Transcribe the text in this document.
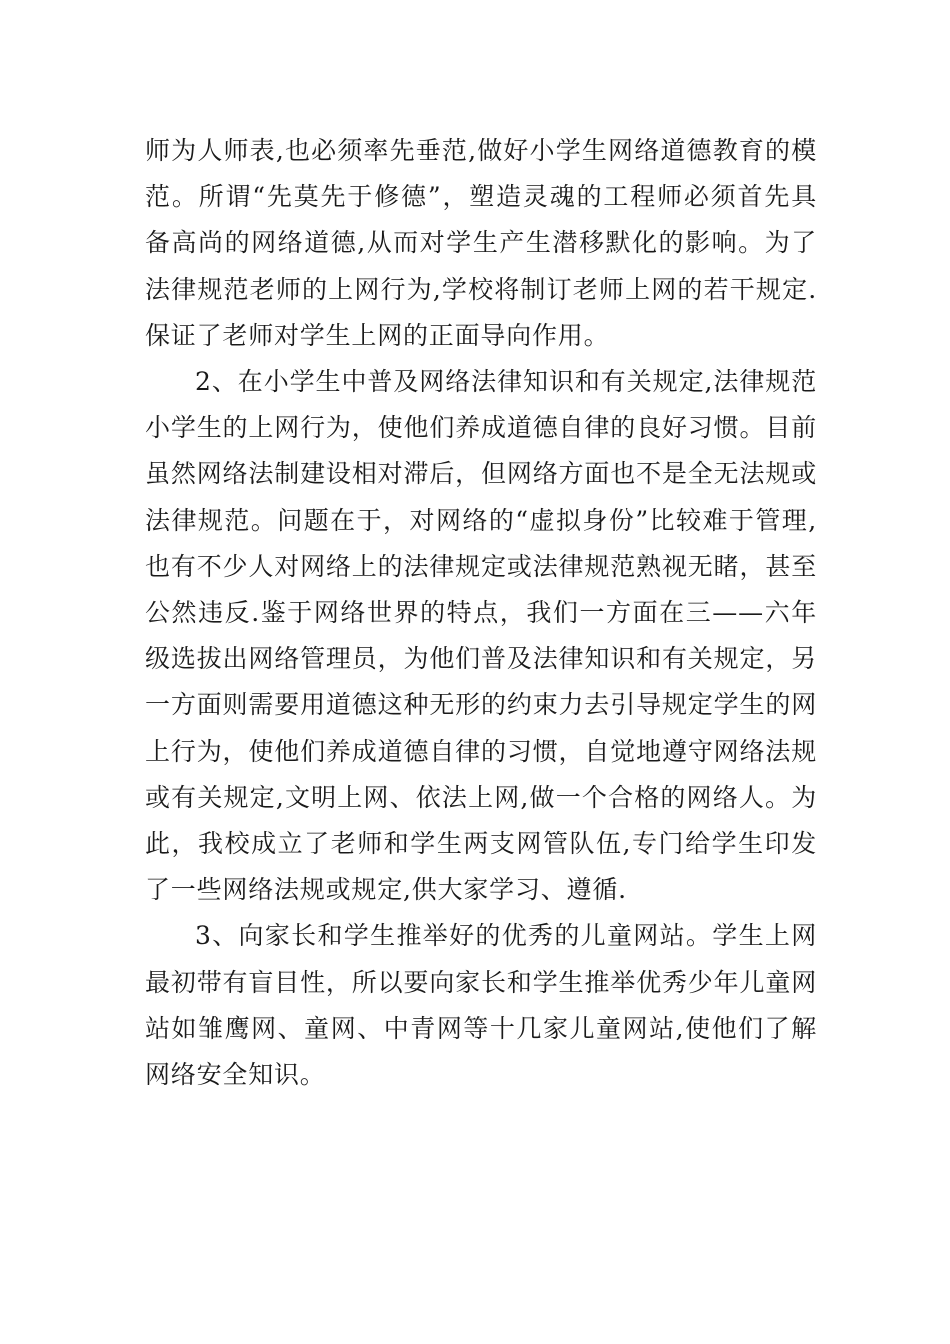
师为人师表,也必须率先垂范,做好小学生网络道德教育的模范。所谓“先莫先于修德”，塑造灵魂的工程师必须首先具备高尚的网络道德,从而对学生产生潜移默化的影响。为了法律规范老师的上网行为,学校将制订老师上网的若干规定.保证了老师对学生上网的正面导向作用。

2、在小学生中普及网络法律知识和有关规定,法律规范小学生的上网行为，使他们养成道德自律的良好习惯。目前虽然网络法制建设相对滞后，但网络方面也不是全无法规或法律规范。问题在于，对网络的“虚拟身份”比较难于管理,也有不少人对网络上的法律规定或法律规范熟视无睹，甚至公然违反.鉴于网络世界的特点，我们一方面在三——六年级选拔出网络管理员，为他们普及法律知识和有关规定，另一方面则需要用道德这种无形的约束力去引导规定学生的网上行为，使他们养成道德自律的习惯，自觉地遵守网络法规或有关规定,文明上网、依法上网,做一个合格的网络人。为此，我校成立了老师和学生两支网管队伍,专门给学生印发了一些网络法规或规定,供大家学习、遵循.

3、向家长和学生推举好的优秀的儿童网站。学生上网最初带有盲目性，所以要向家长和学生推举优秀少年儿童网站如雏鹰网、童网、中青网等十几家儿童网站,使他们了解网络安全知识。
